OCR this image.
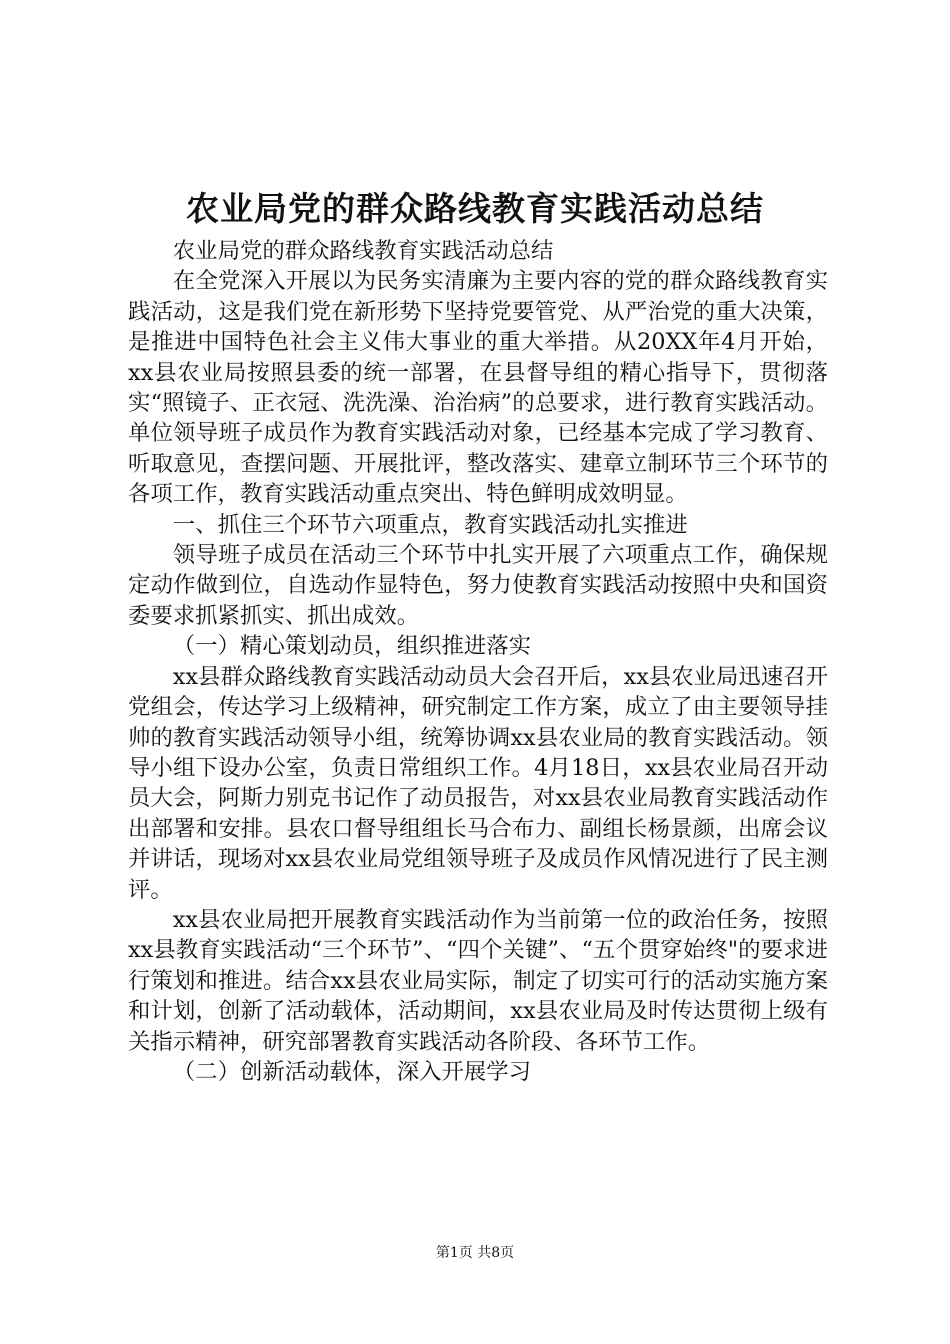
农业局党的群众路线教育实践活动总结

农业局党的群众路线教育实践活动总结

在全党深入开展以为民务实清廉为主要内容的党的群众路线教育实践活动，这是我们党在新形势下坚持党要管党、从严治党的重大决策，是推进中国特色社会主义伟大事业的重大举措。从20XX年4月开始，xx县农业局按照县委的统一部署，在县督导组的精心指导下，贯彻落实“照镜子、正衣冠、洗洗澡、治治病”的总要求，进行教育实践活动。单位领导班子成员作为教育实践活动对象，已经基本完成了学习教育、听取意见，查摆问题、开展批评，整改落实、建章立制环节三个环节的各项工作，教育实践活动重点突出、特色鲜明成效明显。

一、抓住三个环节六项重点，教育实践活动扎实推进

领导班子成员在活动三个环节中扎实开展了六项重点工作，确保规定动作做到位，自选动作显特色，努力使教育实践活动按照中央和国资委要求抓紧抓实、抓出成效。

（一）精心策划动员，组织推进落实

xx县群众路线教育实践活动动员大会召开后，xx县农业局迅速召开党组会，传达学习上级精神，研究制定工作方案，成立了由主要领导挂帅的教育实践活动领导小组，统筹协调xx县农业局的教育实践活动。领导小组下设办公室，负责日常组织工作。4月18日，xx县农业局召开动员大会，阿斯力别克书记作了动员报告，对xx县农业局教育实践活动作出部署和安排。县农口督导组组长马合布力、副组长杨景颜，出席会议并讲话，现场对xx县农业局党组领导班子及成员作风情况进行了民主测评。

xx县农业局把开展教育实践活动作为当前第一位的政治任务，按照xx县教育实践活动“三个环节”、“四个关键”、“五个贯穿始终"的要求进行策划和推进。结合xx县农业局实际，制定了切实可行的活动实施方案和计划，创新了活动载体，活动期间，xx县农业局及时传达贯彻上级有关指示精神，研究部署教育实践活动各阶段、各环节工作。

（二）创新活动载体，深入开展学习

第1页 共8页
